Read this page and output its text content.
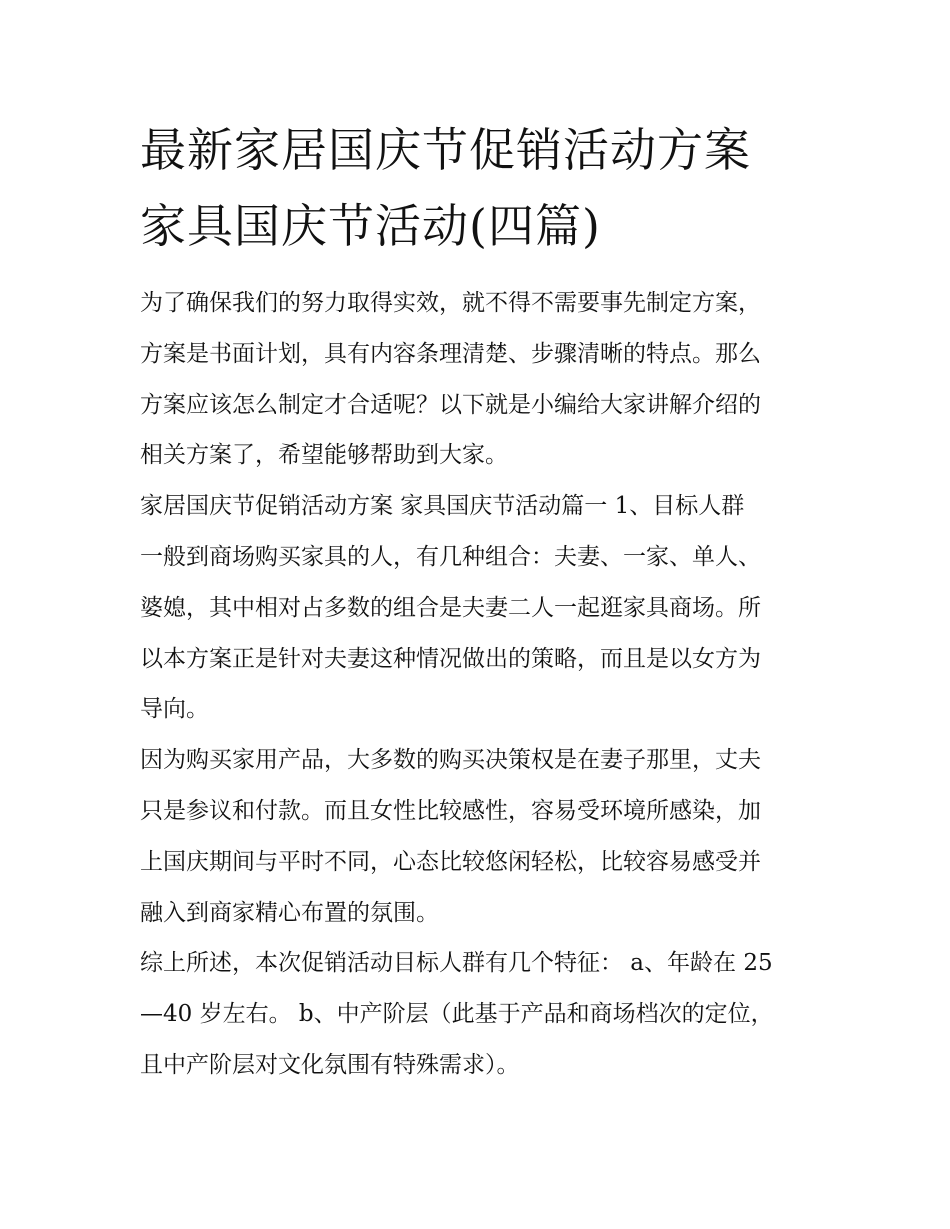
最新家居国庆节促销活动方案
家具国庆节活动(四篇)

为了确保我们的努力取得实效，就不得不需要事先制定方案，
方案是书面计划，具有内容条理清楚、步骤清晰的特点。那么
方案应该怎么制定才合适呢？以下就是小编给大家讲解介绍的
相关方案了，希望能够帮助到大家。

家居国庆节促销活动方案 家具国庆节活动篇一 1、目标人群
一般到商场购买家具的人，有几种组合：夫妻、一家、单人、
婆媳，其中相对占多数的组合是夫妻二人一起逛家具商场。所
以本方案正是针对夫妻这种情况做出的策略，而且是以女方为
导向。

因为购买家用产品，大多数的购买决策权是在妻子那里，丈夫
只是参议和付款。而且女性比较感性，容易受环境所感染，加
上国庆期间与平时不同，心态比较悠闲轻松，比较容易感受并
融入到商家精心布置的氛围。

综上所述，本次促销活动目标人群有几个特征： a、年龄在 25
—40 岁左右。 b、中产阶层（此基于产品和商场档次的定位，
且中产阶层对文化氛围有特殊需求）。
